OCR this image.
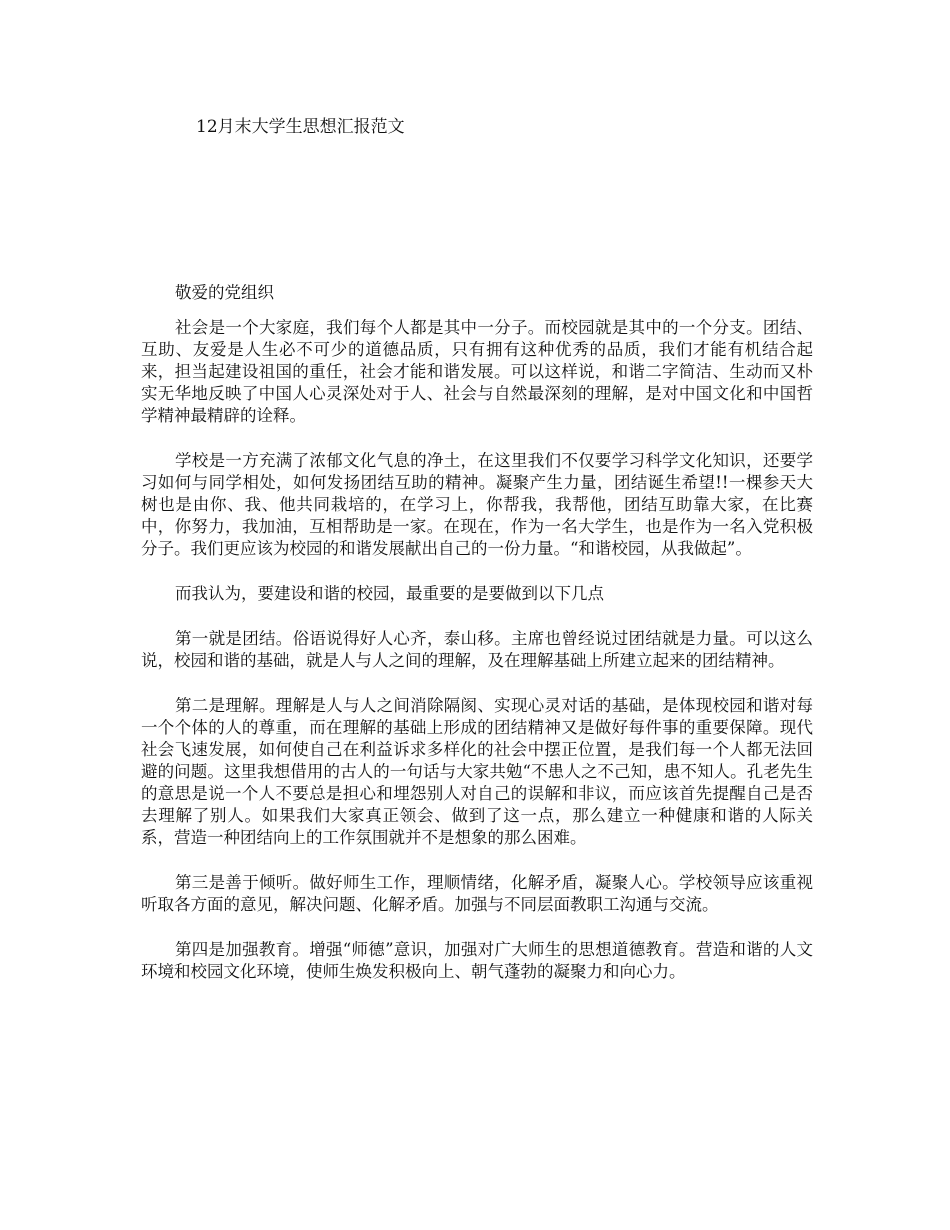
12月末大学生思想汇报范文

敬爱的党组织

社会是一个大家庭，我们每个人都是其中一分子。而校园就是其中的一个分支。团结、互助、友爱是人生必不可少的道德品质，只有拥有这种优秀的品质，我们才能有机结合起来，担当起建设祖国的重任，社会才能和谐发展。可以这样说，和谐二字简洁、生动而又朴实无华地反映了中国人心灵深处对于人、社会与自然最深刻的理解，是对中国文化和中国哲学精神最精辟的诠释。

学校是一方充满了浓郁文化气息的净土，在这里我们不仅要学习科学文化知识，还要学习如何与同学相处，如何发扬团结互助的精神。凝聚产生力量，团结诞生希望!!一棵参天大树也是由你、我、他共同栽培的，在学习上，你帮我，我帮他，团结互助靠大家，在比赛中，你努力，我加油，互相帮助是一家。在现在，作为一名大学生，也是作为一名入党积极分子。我们更应该为校园的和谐发展献出自己的一份力量。“和谐校园，从我做起”。

而我认为，要建设和谐的校园，最重要的是要做到以下几点

第一就是团结。俗语说得好人心齐，泰山移。主席也曾经说过团结就是力量。可以这么说，校园和谐的基础，就是人与人之间的理解，及在理解基础上所建立起来的团结精神。

第二是理解。理解是人与人之间消除隔阂、实现心灵对话的基础，是体现校园和谐对每一个个体的人的尊重，而在理解的基础上形成的团结精神又是做好每件事的重要保障。现代社会飞速发展，如何使自己在利益诉求多样化的社会中摆正位置，是我们每一个人都无法回避的问题。这里我想借用的古人的一句话与大家共勉“不患人之不己知，患不知人。孔老先生的意思是说一个人不要总是担心和埋怨别人对自己的误解和非议，而应该首先提醒自己是否去理解了别人。如果我们大家真正领会、做到了这一点，那么建立一种健康和谐的人际关系，营造一种团结向上的工作氛围就并不是想象的那么困难。

第三是善于倾听。做好师生工作，理顺情绪，化解矛盾，凝聚人心。学校领导应该重视听取各方面的意见，解决问题、化解矛盾。加强与不同层面教职工沟通与交流。

第四是加强教育。增强“师德”意识，加强对广大师生的思想道德教育。营造和谐的人文环境和校园文化环境，使师生焕发积极向上、朝气蓬勃的凝聚力和向心力。
